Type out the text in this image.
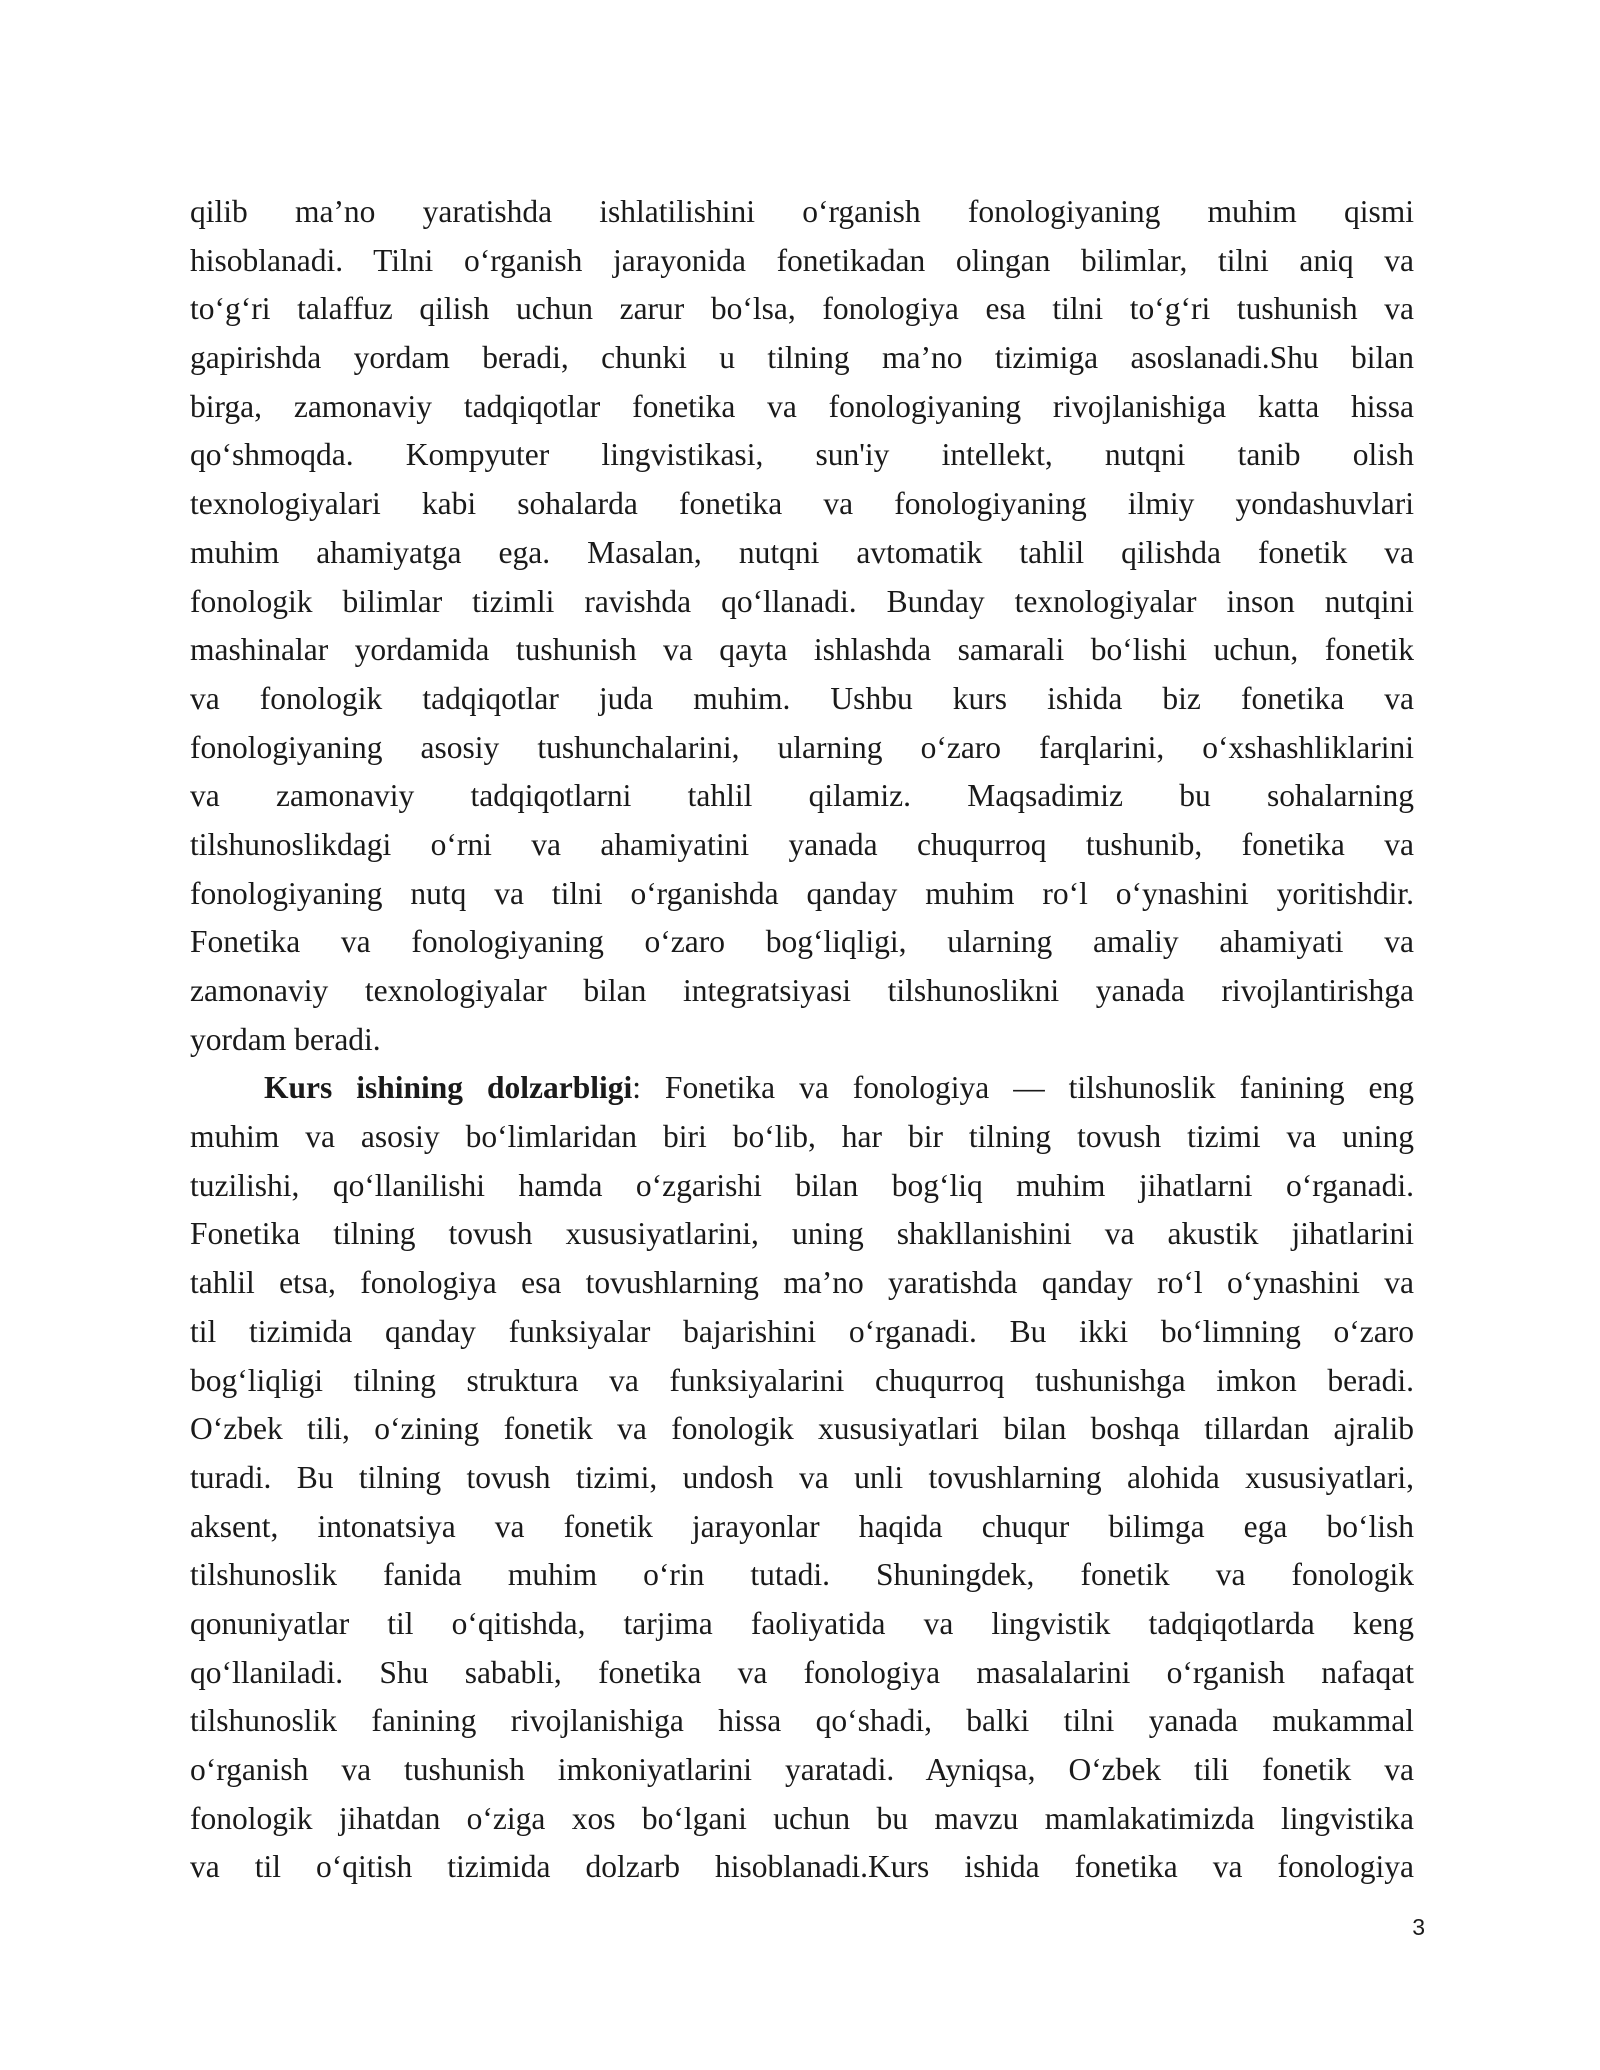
qilib ma’no yaratishda ishlatilishini o‘rganish fonologiyaning muhim qismi
hisoblanadi. Tilni o‘rganish jarayonida fonetikadan olingan bilimlar, tilni aniq va
to‘g‘ri talaffuz qilish uchun zarur bo‘lsa, fonologiya esa tilni to‘g‘ri tushunish va
gapirishda yordam beradi, chunki u tilning ma’no tizimiga asoslanadi.Shu bilan
birga, zamonaviy tadqiqotlar fonetika va fonologiyaning rivojlanishiga katta hissa
qo‘shmoqda. Kompyuter lingvistikasi, sun'iy intellekt, nutqni tanib olish
texnologiyalari kabi sohalarda fonetika va fonologiyaning ilmiy yondashuvlari
muhim ahamiyatga ega. Masalan, nutqni avtomatik tahlil qilishda fonetik va
fonologik bilimlar tizimli ravishda qo‘llanadi. Bunday texnologiyalar inson nutqini
mashinalar yordamida tushunish va qayta ishlashda samarali bo‘lishi uchun, fonetik
va fonologik tadqiqotlar juda muhim. Ushbu kurs ishida biz fonetika va
fonologiyaning asosiy tushunchalarini, ularning o‘zaro farqlarini, o‘xshashliklarini
va zamonaviy tadqiqotlarni tahlil qilamiz. Maqsadimiz bu sohalarning
tilshunoslikdagi o‘rni va ahamiyatini yanada chuqurroq tushunib, fonetika va
fonologiyaning nutq va tilni o‘rganishda qanday muhim ro‘l o‘ynashini yoritishdir.
Fonetika va fonologiyaning o‘zaro bog‘liqligi, ularning amaliy ahamiyati va
zamonaviy texnologiyalar bilan integratsiyasi tilshunoslikni yanada rivojlantirishga
yordam beradi.
Kurs ishining dolzarbligi: Fonetika va fonologiya — tilshunoslik fanining eng
muhim va asosiy bo‘limlaridan biri bo‘lib, har bir tilning tovush tizimi va uning
tuzilishi, qo‘llanilishi hamda o‘zgarishi bilan bog‘liq muhim jihatlarni o‘rganadi.
Fonetika tilning tovush xususiyatlarini, uning shakllanishini va akustik jihatlarini
tahlil etsa, fonologiya esa tovushlarning ma’no yaratishda qanday ro‘l o‘ynashini va
til tizimida qanday funksiyalar bajarishini o‘rganadi. Bu ikki bo‘limning o‘zaro
bog‘liqligi tilning struktura va funksiyalarini chuqurroq tushunishga imkon beradi.
O‘zbek tili, o‘zining fonetik va fonologik xususiyatlari bilan boshqa tillardan ajralib
turadi. Bu tilning tovush tizimi, undosh va unli tovushlarning alohida xususiyatlari,
aksent, intonatsiya va fonetik jarayonlar haqida chuqur bilimga ega bo‘lish
tilshunoslik fanida muhim o‘rin tutadi. Shuningdek, fonetik va fonologik
qonuniyatlar til o‘qitishda, tarjima faoliyatida va lingvistik tadqiqotlarda keng
qo‘llaniladi. Shu sababli, fonetika va fonologiya masalalarini o‘rganish nafaqat
tilshunoslik fanining rivojlanishiga hissa qo‘shadi, balki tilni yanada mukammal
o‘rganish va tushunish imkoniyatlarini yaratadi. Ayniqsa, O‘zbek tili fonetik va
fonologik jihatdan o‘ziga xos bo‘lgani uchun bu mavzu mamlakatimizda lingvistika
va til o‘qitish tizimida dolzarb hisoblanadi.Kurs ishida fonetika va fonologiya
3
